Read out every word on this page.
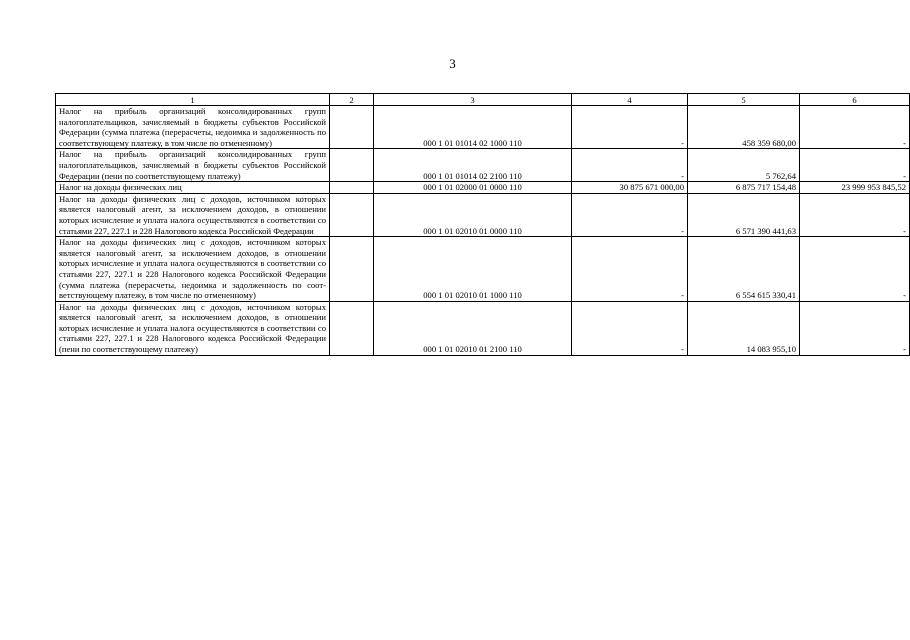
3
1	2	3	4	5	6
Налог на прибыль организаций консолидированных групп налогоплательщиков, зачисляемый в бюджеты субъектов Российской Федерации (сумма платежа (перерасчеты, недоимка и задолженность по соответствующему платежу, в том числе по отмененному)		000 1 01 01014 02 1000 110	-	458 359 680,00	-
Налог на прибыль организаций консолидированных групп налогоплательщиков, зачисляемый в бюджеты субъектов Российской Федерации (пени по соответствующему платежу)		000 1 01 01014 02 2100 110	-	5 762,64	-
Налог на доходы физических лиц		000 1 01 02000 01 0000 110	30 875 671 000,00	6 875 717 154,48	23 999 953 845,52
Налог на доходы физических лиц с доходов, источником которых является налоговый агент, за исключением доходов, в отношении которых исчисление и уплата налога осуществляются в соответствии со статьями 227, 227.1 и 228 Налогового кодекса Российской Федерации		000 1 01 02010 01 0000 110	-	6 571 390 441,63	-
Налог на доходы физических лиц с доходов, источником которых является налоговый агент, за исключением доходов, в отношении которых исчисление и уплата налога осуществляются в соответствии со статьями 227, 227.1 и 228 Налогового кодекса Российской Федерации (сумма платежа (перерасчеты, недоимка и задолженность по соответствующему платежу, в том числе по отмененному)		000 1 01 02010 01 1000 110	-	6 554 615 330,41	-
Налог на доходы физических лиц с доходов, источником которых является налоговый агент, за исключением доходов, в отношении которых исчисление и уплата налога осуществляются в соответствии со статьями 227, 227.1 и 228 Налогового кодекса Российской Федерации (пени по соответствующему платежу)		000 1 01 02010 01 2100 110	-	14 083 955,10	-
